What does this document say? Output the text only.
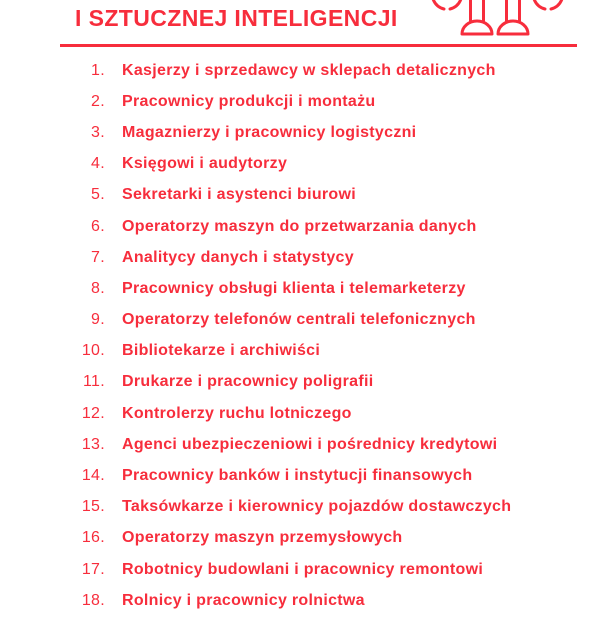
I SZTUCZNEJ INTELIGENCJI
1. Kasjerzy i sprzedawcy w sklepach detalicznych
2. Pracownicy produkcji i montażu
3. Magaznierzy i pracownicy logistyczni
4. Księgowi i audytorzy
5. Sekretarki i asystenci biurowi
6. Operatorzy maszyn do przetwarzania danych
7. Analitycy danych i statystycy
8. Pracownicy obsługi klienta i telemarketerzy
9. Operatorzy telefonów centrali telefonicznych
10. Bibliotekarze i archiwiści
11. Drukarze i pracownicy poligrafii
12. Kontrolerzy ruchu lotniczego
13. Agenci ubezpieczeniowi i pośrednicy kredytowi
14. Pracownicy banków i instytucji finansowych
15. Taksówkarze i kierownicy pojazdów dostawczych
16. Operatorzy maszyn przemysłowych
17. Robotnicy budowlani i pracownicy remontowi
18. Rolnicy i pracownicy rolnictwa
